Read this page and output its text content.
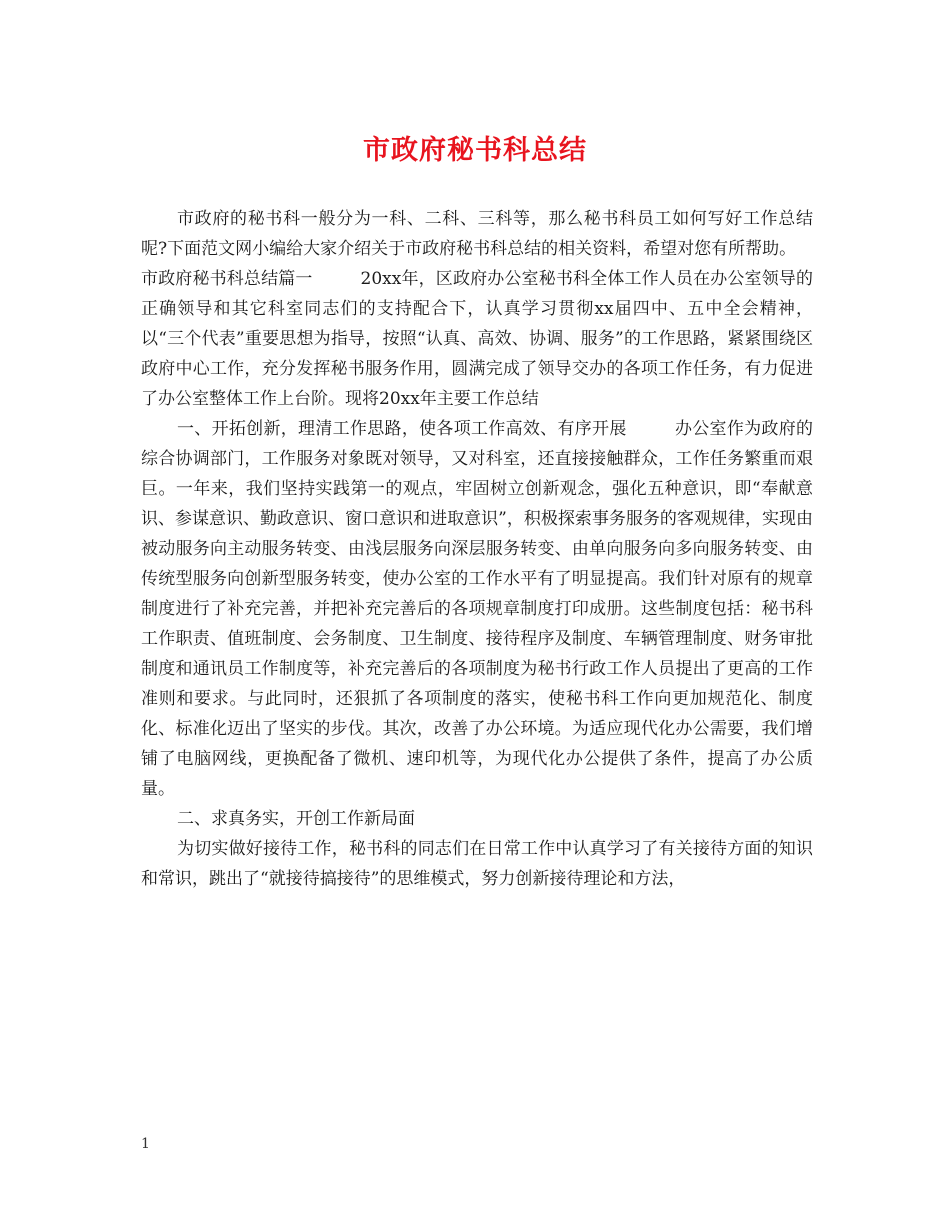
市政府秘书科总结

市政府的秘书科一般分为一科、二科、三科等，那么秘书科员工如何写好工作总结呢?下面范文网小编给大家介绍关于市政府秘书科总结的相关资料，希望对您有所帮助。

市政府秘书科总结篇一	20xx年，区政府办公室秘书科全体工作人员在办公室领导的正确领导和其它科室同志们的支持配合下，认真学习贯彻xx届四中、五中全会精神，以“三个代表”重要思想为指导，按照“认真、高效、协调、服务”的工作思路，紧紧围绕区政府中心工作，充分发挥秘书服务作用，圆满完成了领导交办的各项工作任务，有力促进了办公室整体工作上台阶。现将20xx年主要工作总结

一、开拓创新，理清工作思路，使各项工作高效、有序开展	办公室作为政府的综合协调部门，工作服务对象既对领导，又对科室，还直接接触群众，工作任务繁重而艰巨。一年来，我们坚持实践第一的观点，牢固树立创新观念，强化五种意识，即“奉献意识、参谋意识、勤政意识、窗口意识和进取意识”，积极探索事务服务的客观规律，实现由被动服务向主动服务转变、由浅层服务向深层服务转变、由单向服务向多向服务转变、由传统型服务向创新型服务转变，使办公室的工作水平有了明显提高。我们针对原有的规章制度进行了补充完善，并把补充完善后的各项规章制度打印成册。这些制度包括：秘书科工作职责、值班制度、会务制度、卫生制度、接待程序及制度、车辆管理制度、财务审批制度和通讯员工作制度等，补充完善后的各项制度为秘书行政工作人员提出了更高的工作准则和要求。与此同时，还狠抓了各项制度的落实，使秘书科工作向更加规范化、制度化、标准化迈出了坚实的步伐。其次，改善了办公环境。为适应现代化办公需要，我们增铺了电脑网线，更换配备了微机、速印机等，为现代化办公提供了条件，提高了办公质量。

二、求真务实，开创工作新局面

为切实做好接待工作，秘书科的同志们在日常工作中认真学习了有关接待方面的知识和常识，跳出了“就接待搞接待”的思维模式，努力创新接待理论和方法，

1
